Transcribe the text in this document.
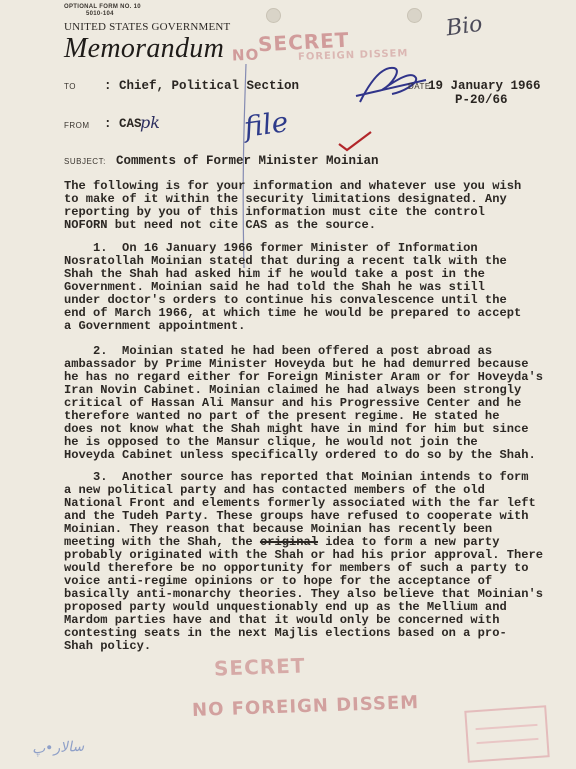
OPTIONAL FORM NO. 10
5010-104
UNITED STATES GOVERNMENT
Memorandum NO
SECRET
FOREIGN DISSEM
Bio
file
TO : Chief, Political Section	DATE:
19 January 1966
P-20/66
FROM : CAS
pk
SUBJECT: Comments of Former Minister Moinian
The following is for your information and whatever use you wish
to make of it within the security limitations designated. Any
reporting by you of this information must cite the control
NOFORN but need not cite CAS as the source.
1.  On 16 January 1966 former Minister of Information
Nosratollah Moinian stated that during a recent talk with the
Shah the Shah had asked him if he would take a post in the
Government. Moinian said he had told the Shah he was still
under doctor's orders to continue his convalescence until the
end of March 1966, at which time he would be prepared to accept
a Government appointment.
2.  Moinian stated he had been offered a post abroad as
ambassador by Prime Minister Hoveyda but he had demurred because
he has no regard either for Foreign Minister Aram or for Hoveyda's
Iran Novin Cabinet. Moinian claimed he had always been strongly
critical of Hassan Ali Mansur and his Progressive Center and he
therefore wanted no part of the present regime. He stated he
does not know what the Shah might have in mind for him but since
he is opposed to the Mansur clique, he would not join the
Hoveyda Cabinet unless specifically ordered to do so by the Shah.
3.  Another source has reported that Moinian intends to form
a new political party and has contacted members of the old
National Front and elements formerly associated with the far left
and the Tudeh Party. These groups have refused to cooperate with
Moinian. They reason that because Moinian has recently been
meeting with the Shah, the original idea to form a new party
probably originated with the Shah or had his prior approval. There
would therefore be no opportunity for members of such a party to
voice anti-regime opinions or to hope for the acceptance of
basically anti-monarchy theories. They also believe that Moinian's
proposed party would unquestionably end up as the Mellium and
Mardom parties have and that it would only be concerned with
contesting seats in the next Majlis elections based on a pro-
Shah policy.
SECRET
NO FOREIGN DISSEM
سالار•پ
